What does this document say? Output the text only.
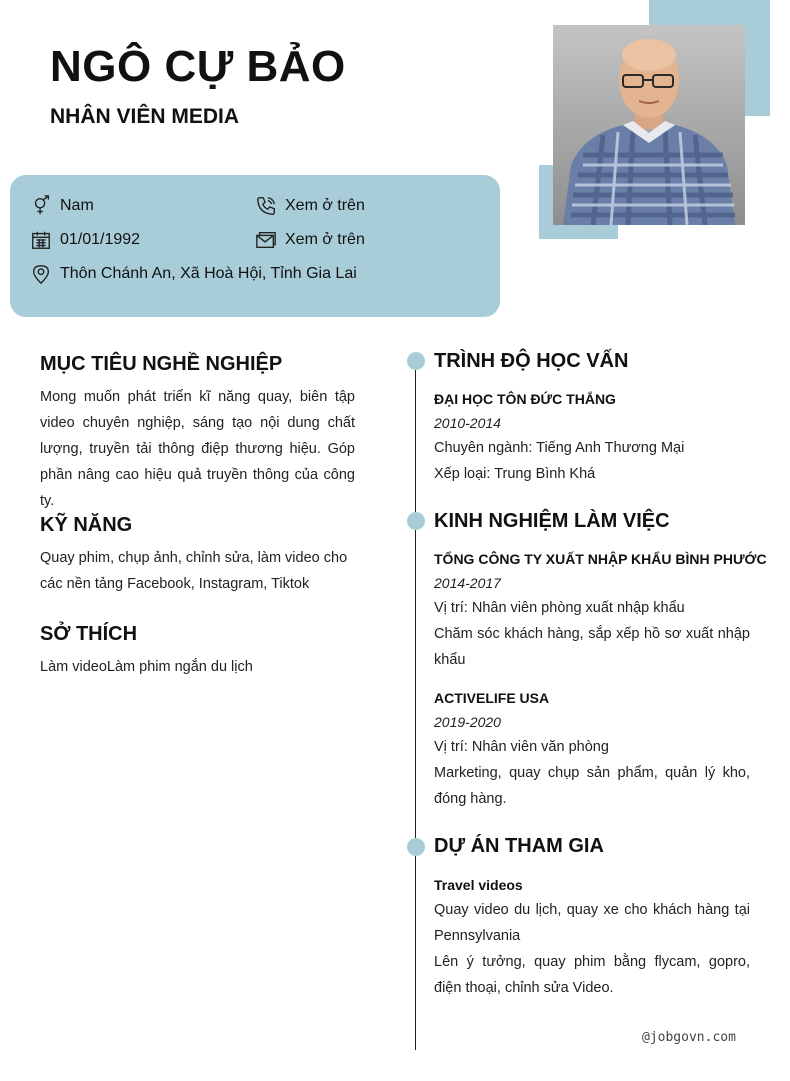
NGÔ CỰ BẢO
NHÂN VIÊN MEDIA
Nam	Xem ở trên
01/01/1992	Xem ở trên
Thôn Chánh An, Xã Hoà Hội, Tỉnh Gia Lai
MỤC TIÊU NGHỀ NGHIỆP
Mong muốn phát triển kĩ năng quay, biên tập video chuyên nghiệp, sáng tạo nội dung chất lượng, truyền tải thông điệp thương hiệu. Góp phần nâng cao hiệu quả truyền thông của công ty.
KỸ NĂNG
Quay phim, chụp ảnh, chỉnh sửa, làm video cho các nền tảng Facebook, Instagram, Tiktok
SỞ THÍCH
Làm videoLàm phim ngắn du lịch
TRÌNH ĐỘ HỌC VẤN
ĐẠI HỌC TÔN ĐỨC THẮNG
2010-2014
Chuyên ngành: Tiếng Anh Thương Mại
Xếp loại: Trung Bình Khá
KINH NGHIỆM LÀM VIỆC
TỔNG CÔNG TY XUẤT NHẬP KHẨU BÌNH PHƯỚC
2014-2017
Vị trí: Nhân viên phòng xuất nhập khẩu
Chăm sóc khách hàng, sắp xếp hồ sơ xuất nhập khẩu
ACTIVELIFE USA
2019-2020
Vị trí: Nhân viên văn phòng
Marketing, quay chụp sản phẩm, quản lý kho, đóng hàng.
DỰ ÁN THAM GIA
Travel videos
Quay video du lịch, quay xe cho khách hàng tại Pennsylvania
Lên ý tưởng, quay phim bằng flycam, gopro, điện thoại, chỉnh sửa Video.
@jobgovn.com
